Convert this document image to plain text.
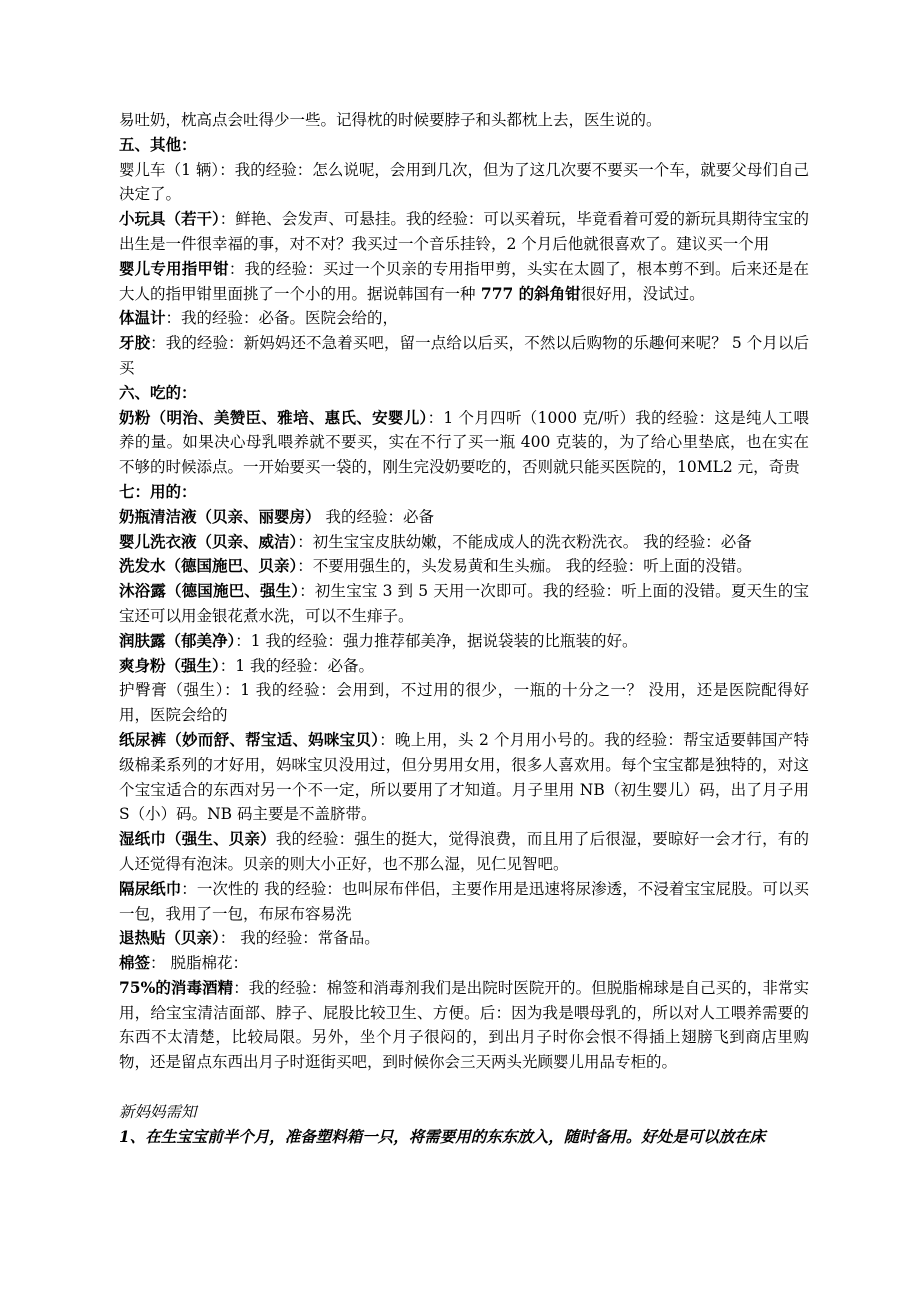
易吐奶，枕高点会吐得少一些。记得枕的时候要脖子和头都枕上去，医生说的。

五、其他：

婴儿车（1 辆）：我的经验：怎么说呢，会用到几次，但为了这几次要不要买一个车，就要父母们自己决定了。

小玩具（若干）：鲜艳、会发声、可悬挂。我的经验：可以买着玩，毕竟看着可爱的新玩具期待宝宝的出生是一件很幸福的事，对不对？我买过一个音乐挂铃，2 个月后他就很喜欢了。建议买一个用

婴儿专用指甲钳：我的经验：买过一个贝亲的专用指甲剪，头实在太圆了，根本剪不到。后来还是在大人的指甲钳里面挑了一个小的用。据说韩国有一种 777 的斜角钳很好用，没试过。

体温计：我的经验：必备。医院会给的，

牙胶：我的经验：新妈妈还不急着买吧，留一点给以后买，不然以后购物的乐趣何来呢？ 5 个月以后买

六、吃的：

奶粉（明治、美赞臣、雅培、惠氏、安婴儿）：1 个月四听（1000 克/听）我的经验：这是纯人工喂养的量。如果决心母乳喂养就不要买，实在不行了买一瓶 400 克装的，为了给心里垫底，也在实在不够的时候添点。一开始要买一袋的，刚生完没奶要吃的，否则就只能买医院的，10ML2 元，奇贵

七：用的：

奶瓶清洁液（贝亲、丽婴房） 我的经验：必备

婴儿洗衣液（贝亲、威洁）：初生宝宝皮肤幼嫩，不能成成人的洗衣粉洗衣。 我的经验：必备

洗发水（德国施巴、贝亲）：不要用强生的，头发易黄和生头痂。 我的经验：听上面的没错。

沐浴露（德国施巴、强生）：初生宝宝 3 到 5 天用一次即可。我的经验：听上面的没错。夏天生的宝宝还可以用金银花煮水洗，可以不生痱子。

润肤露（郁美净）：1 我的经验：强力推荐郁美净，据说袋装的比瓶装的好。

爽身粉（强生）：1 我的经验：必备。

护臀膏（强生）：1 我的经验：会用到，不过用的很少，一瓶的十分之一？ 没用，还是医院配得好用，医院会给的

纸尿裤（妙而舒、帮宝适、妈咪宝贝）：晚上用，头 2 个月用小号的。我的经验：帮宝适要韩国产特级棉柔系列的才好用，妈咪宝贝没用过，但分男用女用，很多人喜欢用。每个宝宝都是独特的，对这个宝宝适合的东西对另一个不一定，所以要用了才知道。月子里用 NB（初生婴儿）码，出了月子用 S（小）码。NB 码主要是不盖脐带。

湿纸巾（强生、贝亲）我的经验：强生的挺大，觉得浪费，而且用了后很湿，要晾好一会才行，有的人还觉得有泡沫。贝亲的则大小正好，也不那么湿，见仁见智吧。

隔尿纸巾：一次性的 我的经验：也叫尿布伴侣，主要作用是迅速将尿渗透，不浸着宝宝屁股。可以买一包，我用了一包，布尿布容易洗

退热贴（贝亲）： 我的经验：常备品。

棉签： 脱脂棉花：

75%的消毒酒精：我的经验：棉签和消毒剂我们是出院时医院开的。但脱脂棉球是自己买的，非常实用，给宝宝清洁面部、脖子、屁股比较卫生、方便。后：因为我是喂母乳的，所以对人工喂养需要的东西不太清楚，比较局限。另外，坐个月子很闷的，到出月子时你会恨不得插上翅膀飞到商店里购物，还是留点东西出月子时逛街买吧，到时候你会三天两头光顾婴儿用品专柜的。

新妈妈需知

1、在生宝宝前半个月，准备塑料箱一只，将需要用的东东放入，随时备用。好处是可以放在床
